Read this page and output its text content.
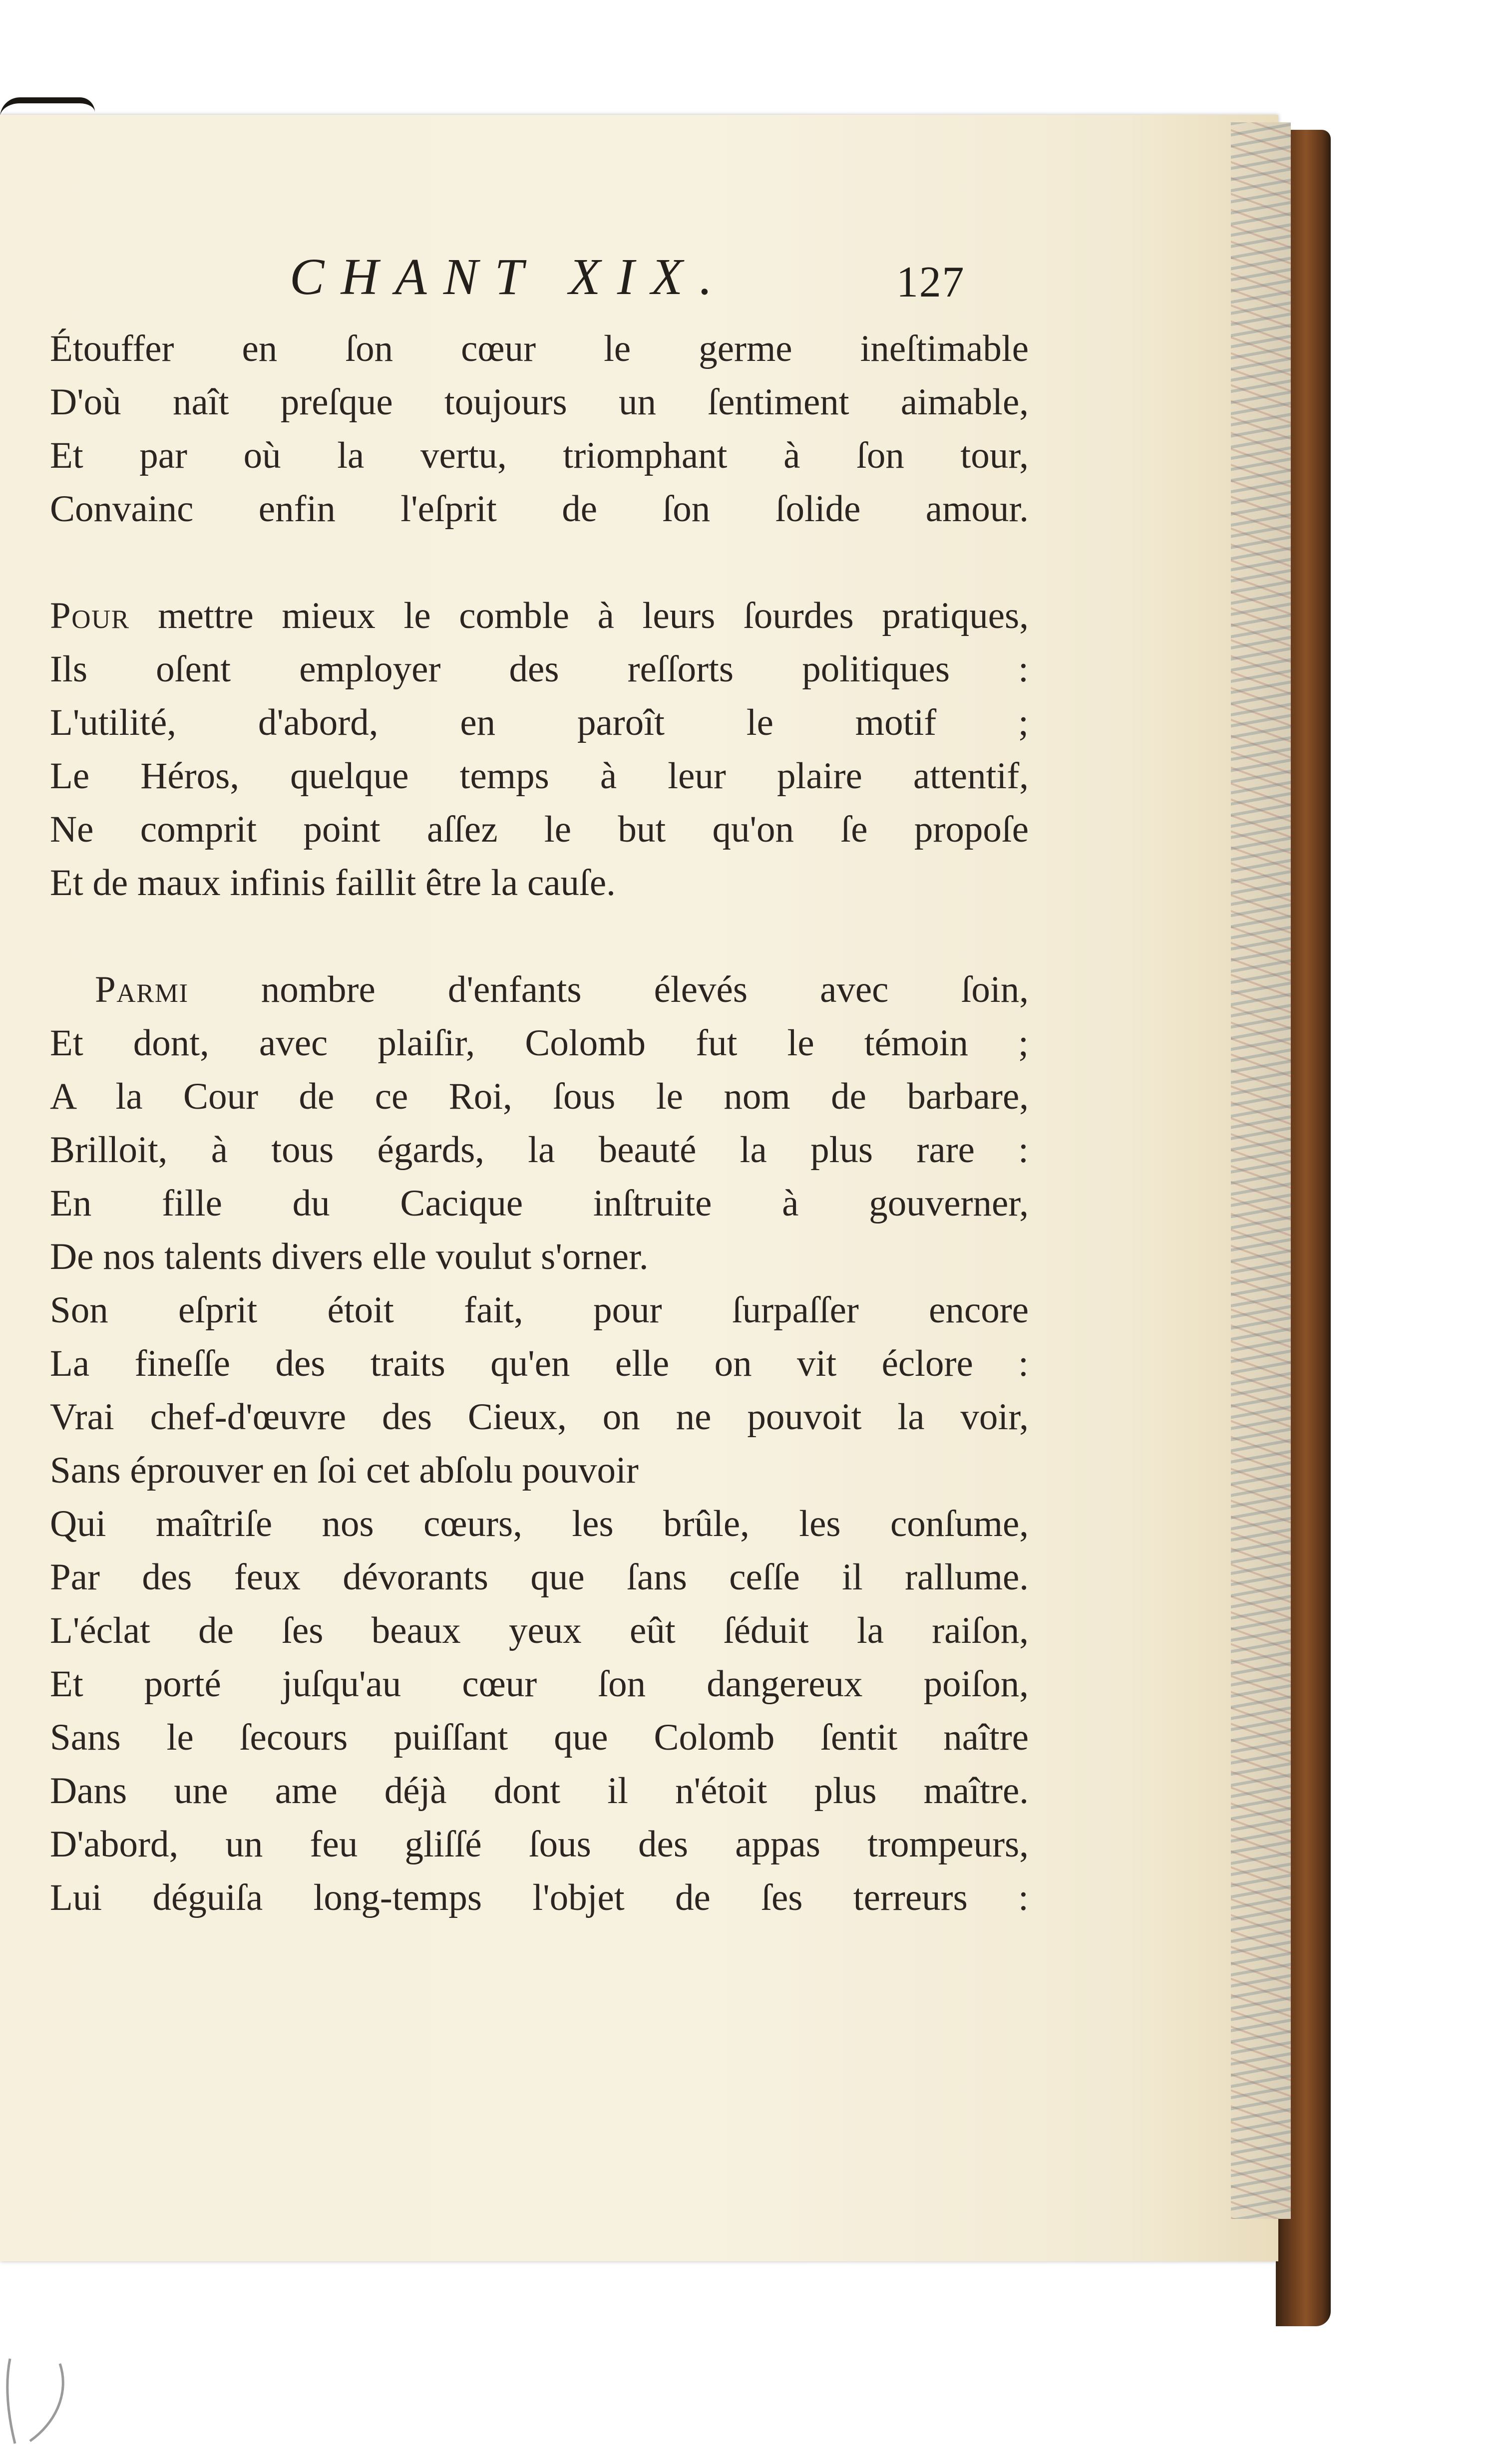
CHANT XIX.	127
Étouffer en ſon cœur le germe ineſtimable
D'où naît preſque toujours un ſentiment aimable,
Et par où la vertu, triomphant à ſon tour,
Convainc enfin l'eſprit de ſon ſolide amour.
Pour mettre mieux le comble à leurs ſourdes pratiques,
Ils oſent employer des reſſorts politiques :
L'utilité, d'abord, en paroît le motif ;
Le Héros, quelque temps à leur plaire attentif,
Ne comprit point aſſez le but qu'on ſe propoſe
Et de maux infinis faillit être la cauſe.
Parmi nombre d'enfants élevés avec ſoin,
Et dont, avec plaiſir, Colomb fut le témoin ;
A la Cour de ce Roi, ſous le nom de barbare,
Brilloit, à tous égards, la beauté la plus rare :
En fille du Cacique inſtruite à gouverner,
De nos talents divers elle voulut s'orner.
Son eſprit étoit fait, pour ſurpaſſer encore
La fineſſe des traits qu'en elle on vit éclore :
Vrai chef-d'œuvre des Cieux, on ne pouvoit la voir,
Sans éprouver en ſoi cet abſolu pouvoir
Qui maîtriſe nos cœurs, les brûle, les conſume,
Par des feux dévorants que ſans ceſſe il rallume.
L'éclat de ſes beaux yeux eût ſéduit la raiſon,
Et porté juſqu'au cœur ſon dangereux poiſon,
Sans le ſecours puiſſant que Colomb ſentit naître
Dans une ame déjà dont il n'étoit plus maître.
D'abord, un feu gliſſé ſous des appas trompeurs,
Lui déguiſa long-temps l'objet de ſes terreurs :
